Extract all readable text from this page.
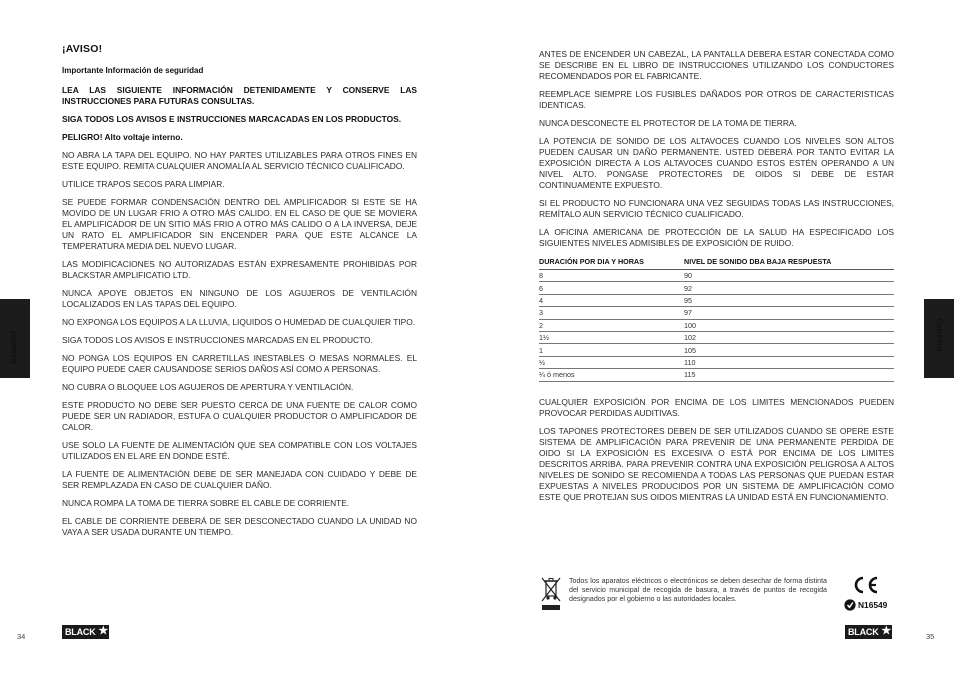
¡AVISO!
Importante Información de seguridad

LEA LAS SIGUIENTE INFORMACIÓN DETENIDAMENTE Y CONSERVE LAS INSTRUCCIONES PARA FUTURAS CONSULTAS.

SIGA TODOS LOS AVISOS E INSTRUCCIONES MARCACADAS EN LOS PRODUCTOS.

PELIGRO! Alto voltaje interno.

NO ABRA LA TAPA DEL EQUIPO. NO HAY PARTES UTILIZABLES PARA OTROS FINES EN ESTE EQUIPO. REMITA CUALQUIER ANOMALÍA AL SERVICIO TÉCNICO CUALIFICADO.

UTILICE TRAPOS SECOS PARA LIMPIAR.

SE PUEDE FORMAR CONDENSACIÓN DENTRO DEL AMPLIFICADOR SI ESTE SE HA MOVIDO DE UN LUGAR FRIO A OTRO MÁS CALIDO. EN EL CASO DE QUE SE MOVIERA EL AMPLIFICADOR DE UN SITIO MÁS FRIO A OTRO MÁS CALIDO O A LA INVERSA, DEJE UN RATO EL AMPLIFICADOR SIN ENCENDER PARA QUE ESTE ALCANCE LA TEMPERATURA MEDIA DEL NUEVO LUGAR.

LAS MODIFICACIONES NO AUTORIZADAS ESTÁN EXPRESAMENTE PROHIBIDAS POR BLACKSTAR AMPLIFICATIO LTD.

NUNCA APOYE OBJETOS EN NINGUNO DE LOS AGUJEROS DE VENTILACIÓN LOCALIZADOS EN LAS TAPAS DEL EQUIPO.

NO EXPONGA LOS EQUIPOS A LA LLUVIA, LIQUIDOS O HUMEDAD DE CUALQUIER TIPO.

SIGA TODOS LOS AVISOS E INSTRUCCIONES MARCADAS EN EL PRODUCTO.

NO PONGA LOS EQUIPOS EN CARRETILLAS INESTABLES O MESAS NORMALES. EL EQUIPO PUEDE CAER CAUSANDOSE SERIOS DAÑOS ASÍ COMO A PERSONAS.

NO CUBRA O BLOQUEE LOS AGUJEROS DE APERTURA Y VENTILACIÓN.

ESTE PRODUCTO NO DEBE SER PUESTO CERCA DE UNA FUENTE DE CALOR COMO PUEDE SER UN RADIADOR, ESTUFA O CUALQUIER PRODUCTOR O AMPLIFICADOR DE CALOR.

USE SOLO LA FUENTE DE ALIMENTACIÓN QUE SEA COMPATIBLE CON LOS VOLTAJES UTILIZADOS EN EL ARE EN DONDE ESTÉ.

LA FUENTE DE ALIMENTACIÓN DEBE DE SER MANEJADA CON CUIDADO Y DEBE DE SER REMPLAZADA EN CASO DE CUALQUIER DAÑO.

NUNCA ROMPA LA TOMA DE TIERRA SOBRE EL CABLE DE CORRIENTE.

EL CABLE DE CORRIENTE DEBERÁ DE SER DESCONECTADO CUANDO LA UNIDAD NO VAYA A SER USADA DURANTE UN TIEMPO.

Español
34	BLACK ★

ANTES DE ENCENDER UN CABEZAL, LA PANTALLA DEBERA ESTAR CONECTADA COMO SE DESCRIBE EN EL LIBRO DE INSTRUCCIONES UTILIZANDO LOS CONDUCTORES RECOMENDADOS POR EL FABRICANTE.

REEMPLACE SIEMPRE LOS FUSIBLES DAÑADOS POR OTROS DE CARACTERISTICAS IDENTICAS.

NUNCA DESCONECTE EL PROTECTOR DE LA TOMA DE TIERRA.

LA POTENCIA DE SONIDO DE LOS ALTAVOCES CUANDO LOS NIVELES SON ALTOS PUEDEN CAUSAR UN DAÑO PERMANENTE. USTED DEBERÁ POR TANTO EVITAR LA EXPOSICIÓN DIRECTA A LOS ALTAVOCES CUANDO ESTOS ESTÉN OPERANDO A UN NIVEL ALTO. PONGASE PROTECTORES DE OIDOS SI DEBE DE ESTAR CONTINUAMENTE EXPUESTO.

SI EL PRODUCTO NO FUNCIONARA UNA VEZ SEGUIDAS TODAS LAS INSTRUCCIONES, REMÍTALO AUN SERVICIO TÉCNICO CUALIFICADO.

LA OFICINA AMERICANA DE PROTECCIÓN DE LA SALUD HA ESPECIFICADO LOS SIGUIENTES NIVELES ADMISIBLES DE EXPOSICIÓN DE RUIDO.

DURACIÓN POR DIA Y HORAS	NIVEL DE SONIDO DBA BAJA RESPUESTA
8	90
6	92
4	95
3	97
2	100
1½	102
1	105
½	110
¼ ó menos	115

CUALQUIER EXPOSICIÓN POR ENCIMA DE LOS LIMITES MENCIONADOS PUEDEN PROVOCAR PERDIDAS AUDITIVAS.

LOS TAPONES PROTECTORES DEBEN DE SER UTILIZADOS CUANDO SE OPERE ESTE SISTEMA DE AMPLIFICACIÓN PARA PREVENIR DE UNA PERMANENTE PERDIDA DE OIDO SI LA EXPOSICIÓN ES EXCESIVA O ESTÁ POR ENCIMA DE LOS LIMITES DESCRITOS ARRIBA. PARA PREVENIR CONTRA UNA EXPOSICIÓN PELIGROSA A ALTOS NIVELES DE SONIDO SE RECOMIENDA A TODAS LAS PERSONAS QUE PUEDAN ESTAR EXPUESTAS A NIVELES PRODUCIDOS POR UN SISTEMA DE AMPLIFICACIÓN COMO ESTE QUE PROTEJAN SUS OIDOS MIENTRAS LA UNIDAD ESTÁ EN FUNCIONAMIENTO.

Español
Todos los aparatos eléctricos o electrónicos se deben desechar de forma distinta del servicio municipal de recogida de basura, a través de puntos de recogida designados por el gobierno o las autoridades locales.
N16549
35
BLACK ★
